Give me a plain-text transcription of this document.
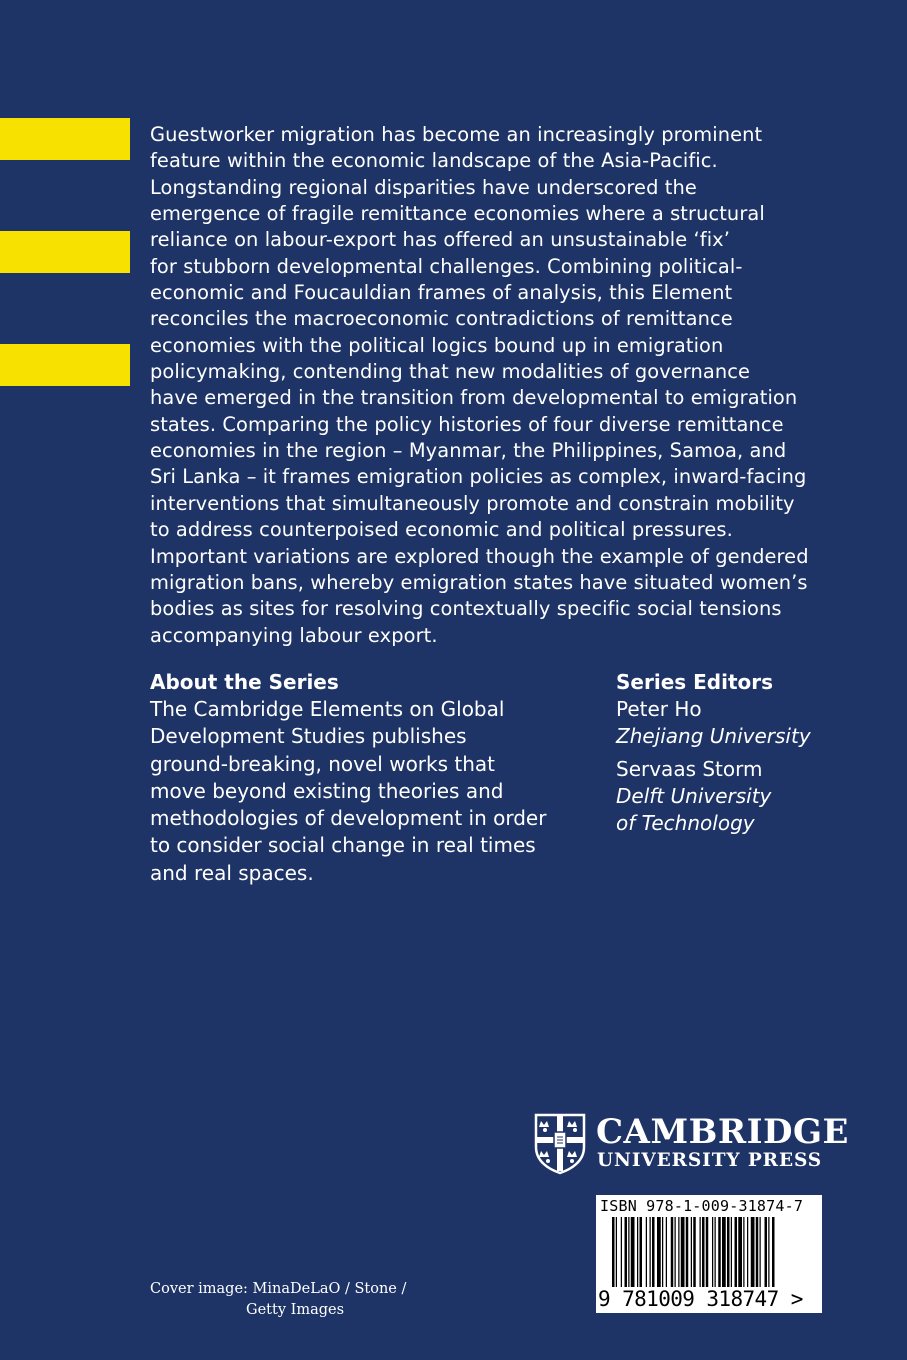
Guestworker migration has become an increasingly prominent
feature within the economic landscape of the Asia-Pacific.
Longstanding regional disparities have underscored the
emergence of fragile remittance economies where a structural
reliance on labour-export has offered an unsustainable ‘fix’
for stubborn developmental challenges. Combining political-
economic and Foucauldian frames of analysis, this Element
reconciles the macroeconomic contradictions of remittance
economies with the political logics bound up in emigration
policymaking, contending that new modalities of governance
have emerged in the transition from developmental to emigration
states. Comparing the policy histories of four diverse remittance
economies in the region – Myanmar, the Philippines, Samoa, and
Sri Lanka – it frames emigration policies as complex, inward-facing
interventions that simultaneously promote and constrain mobility
to address counterpoised economic and political pressures.
Important variations are explored though the example of gendered
migration bans, whereby emigration states have situated women’s
bodies as sites for resolving contextually specific social tensions
accompanying labour export.

About the Series
The Cambridge Elements on Global
Development Studies publishes
ground-breaking, novel works that
move beyond existing theories and
methodologies of development in order
to consider social change in real times
and real spaces.
Series Editors
Peter Ho
Zhejiang University
Servaas Storm
Delft University
of Technology
CAMBRIDGE
UNIVERSITY PRESS
ISBN 978-1-009-31874-7
9 781009 318747 >
Cover image: MinaDeLaO / Stone /
Getty Images
